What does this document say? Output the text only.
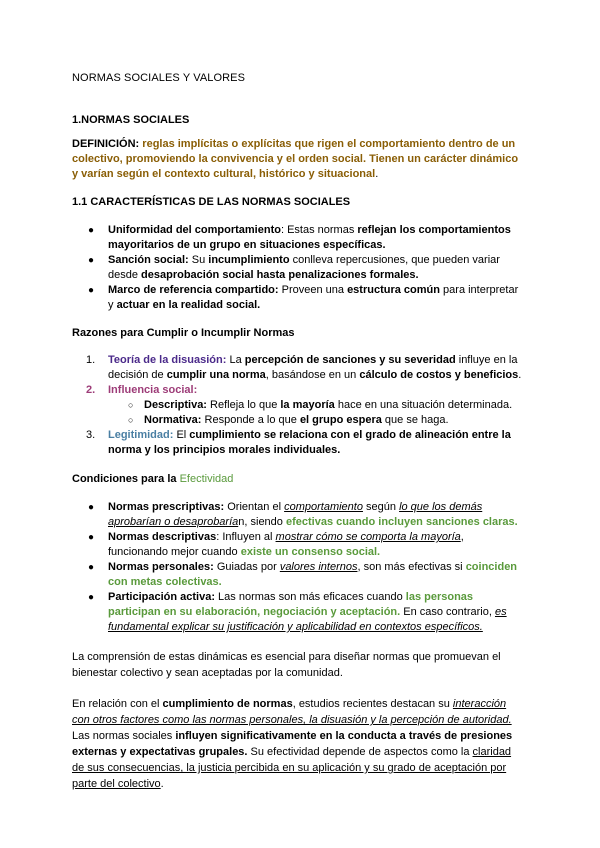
NORMAS SOCIALES Y VALORES
1.NORMAS SOCIALES
DEFINICIÓN: reglas implícitas o explícitas que rigen el comportamiento dentro de un
colectivo, promoviendo la convivencia y el orden social. Tienen un carácter dinámico
y varían según el contexto cultural, histórico y situacional.
1.1 CARACTERÍSTICAS DE LAS NORMAS SOCIALES
● Uniformidad del comportamiento: Estas normas reflejan los comportamientos
mayoritarios de un grupo en situaciones específicas.
● Sanción social: Su incumplimiento conlleva repercusiones, que pueden variar
desde desaprobación social hasta penalizaciones formales.
● Marco de referencia compartido: Proveen una estructura común para interpretar
y actuar en la realidad social.
Razones para Cumplir o Incumplir Normas
1. Teoría de la disuasión: La percepción de sanciones y su severidad influye en la
decisión de cumplir una norma, basándose en un cálculo de costos y beneficios.
2. Influencia social:
○ Descriptiva: Refleja lo que la mayoría hace en una situación determinada.
○ Normativa: Responde a lo que el grupo espera que se haga.
3. Legitimidad: El cumplimiento se relaciona con el grado de alineación entre la
norma y los principios morales individuales.
Condiciones para la Efectividad
● Normas prescriptivas: Orientan el comportamiento según lo que los demás
aprobarían o desaprobarían, siendo efectivas cuando incluyen sanciones claras.
● Normas descriptivas: Influyen al mostrar cómo se comporta la mayoría,
funcionando mejor cuando existe un consenso social.
● Normas personales: Guiadas por valores internos, son más efectivas si coinciden
con metas colectivas.
● Participación activa: Las normas son más eficaces cuando las personas
participan en su elaboración, negociación y aceptación. En caso contrario, es
fundamental explicar su justificación y aplicabilidad en contextos específicos.
La comprensión de estas dinámicas es esencial para diseñar normas que promuevan el
bienestar colectivo y sean aceptadas por la comunidad.
En relación con el cumplimiento de normas, estudios recientes destacan su interacción
con otros factores como las normas personales, la disuasión y la percepción de autoridad.
Las normas sociales influyen significativamente en la conducta a través de presiones
externas y expectativas grupales. Su efectividad depende de aspectos como la claridad
de sus consecuencias, la justicia percibida en su aplicación y su grado de aceptación por
parte del colectivo.
